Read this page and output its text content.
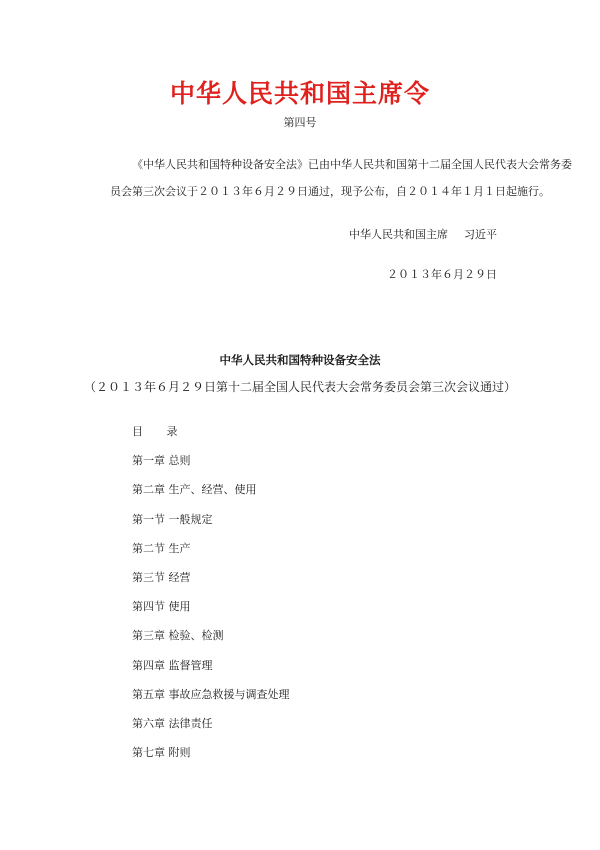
中华人民共和国主席令
第四号
《中华人民共和国特种设备安全法》已由中华人民共和国第十二届全国人民代表大会常务委
员会第三次会议于２０１３年６月２９日通过，现予公布，自２０１４年１月１日起施行。
中华人民共和国主席 习近平
２０１３年６月２９日
中华人民共和国特种设备安全法
（２０１３年６月２９日第十二届全国人民代表大会常务委员会第三次会议通过）
目 录
第一章 总则
第二章 生产、经营、使用
第一节 一般规定
第二节 生产
第三节 经营
第四节 使用
第三章 检验、检测
第四章 监督管理
第五章 事故应急救援与调查处理
第六章 法律责任
第七章 附则
